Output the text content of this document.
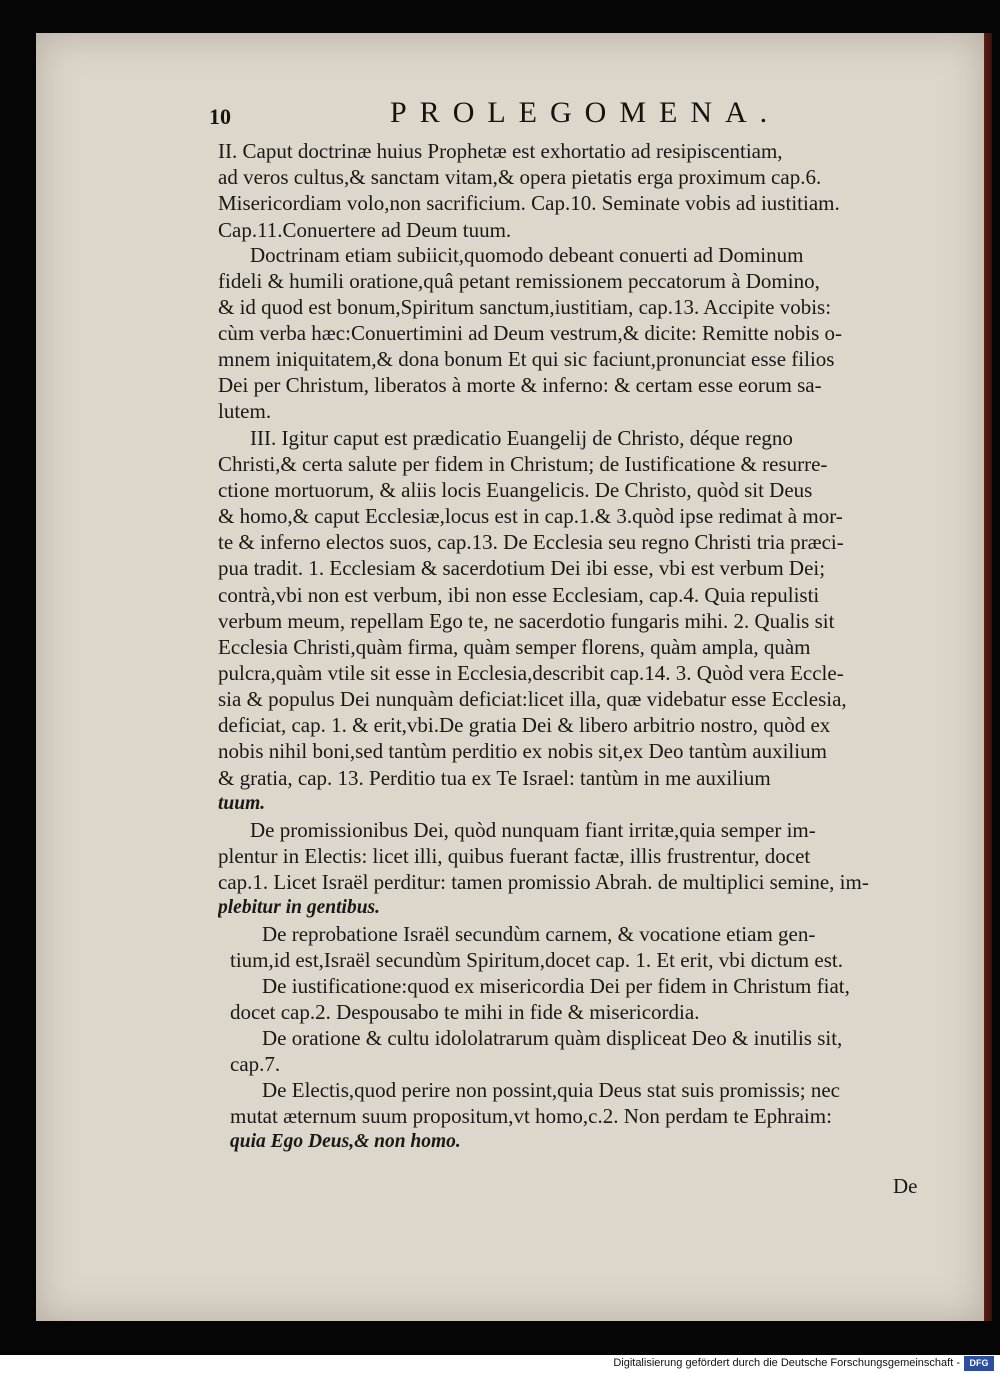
10	PROLEGOMENA.
II. Caput doctrinæ huius Prophetæ est exhortatio ad resipiscentiam,
ad veros cultus,& sanctam vitam,& opera pietatis erga proximum cap.6.
Misericordiam volo,non sacrificium. Cap.10. Seminate vobis ad iustitiam.
Cap.11.Conuertere ad Deum tuum.
Doctrinam etiam subiicit,quomodo debeant conuerti ad Dominum
fideli & humili oratione,quâ petant remissionem peccatorum à Domino,
& id quod est bonum,Spiritum sanctum,iustitiam, cap.13. Accipite vobis:
cùm verba hæc:Conuertimini ad Deum vestrum,& dicite: Remitte nobis o-
mnem iniquitatem,& dona bonum Et qui sic faciunt,pronunciat esse filios
Dei per Christum, liberatos à morte & inferno: & certam esse eorum sa-
lutem.
III. Igitur caput est prædicatio Euangelij de Christo, déque regno
Christi,& certa salute per fidem in Christum; de Iustificatione & resurre-
ctione mortuorum, & aliis locis Euangelicis. De Christo, quòd sit Deus
& homo,& caput Ecclesiæ,locus est in cap.1.& 3.quòd ipse redimat à mor-
te & inferno electos suos, cap.13. De Ecclesia seu regno Christi tria præci-
pua tradit. 1. Ecclesiam & sacerdotium Dei ibi esse, vbi est verbum Dei;
contrà,vbi non est verbum, ibi non esse Ecclesiam, cap.4. Quia repulisti
verbum meum, repellam Ego te, ne sacerdotio fungaris mihi. 2. Qualis sit
Ecclesia Christi,quàm firma, quàm semper florens, quàm ampla, quàm
pulcra,quàm vtile sit esse in Ecclesia,describit cap.14. 3. Quòd vera Eccle-
sia & populus Dei nunquàm deficiat:licet illa, quæ videbatur esse Ecclesia,
deficiat, cap. 1. & erit,vbi.De gratia Dei & libero arbitrio nostro, quòd ex
nobis nihil boni,sed tantùm perditio ex nobis sit,ex Deo tantùm auxilium
& gratia, cap. 13. Perditio tua ex Te Israel: tantùm in me auxilium
tuum.
De promissionibus Dei, quòd nunquam fiant irritæ,quia semper im-
plentur in Electis: licet illi, quibus fuerant factæ, illis frustrentur, docet
cap.1. Licet Israël perditur: tamen promissio Abrah. de multiplici semine, im-
plebitur in gentibus.
De reprobatione Israël secundùm carnem, & vocatione etiam gen-
tium,id est,Israël secundùm Spiritum,docet cap. 1. Et erit, vbi dictum est.
De iustificatione:quod ex misericordia Dei per fidem in Christum fiat,
docet cap.2. Despousabo te mihi in fide & misericordia.
De oratione & cultu idololatrarum quàm displiceat Deo & inutilis sit,
cap.7.
De Electis,quod perire non possint,quia Deus stat suis promissis; nec
mutat æternum suum propositum,vt homo,c.2. Non perdam te Ephraim:
quia Ego Deus,& non homo.
De
Digitalisierung gefördert durch die Deutsche Forschungsgemeinschaft -	DFG
